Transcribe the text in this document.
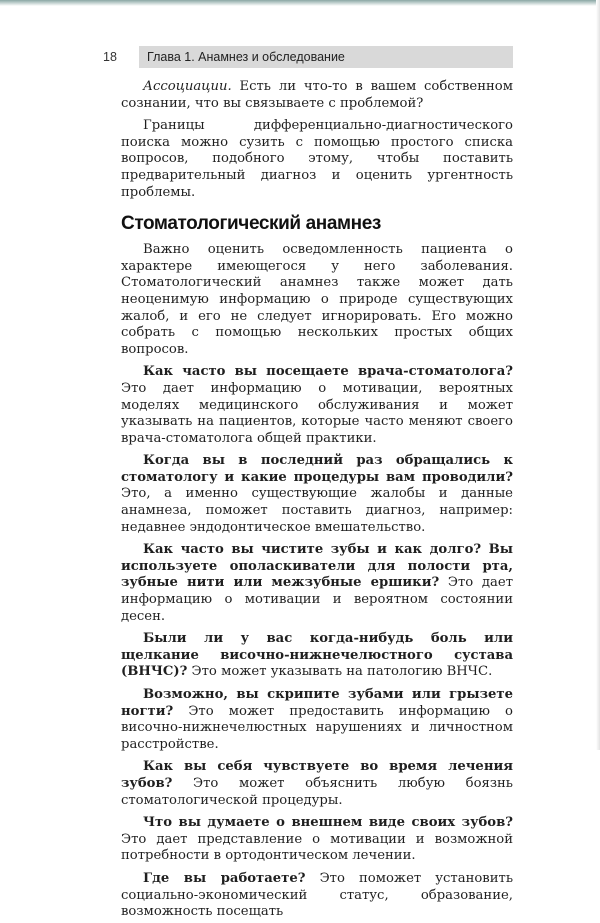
18	Глава 1. Анамнез и обследование

Ассоциации. Есть ли что-то в вашем собственном сознании, что вы связываете с проблемой?

Границы дифференциально-диагностического поиска можно сузить с помощью простого списка вопросов, подобного этому, чтобы поставить предварительный диагноз и оценить ургентность проблемы.

Стоматологический анамнез

Важно оценить осведомленность пациента о характере имеющегося у него заболевания. Стоматологический анамнез также может дать неоценимую информацию о природе существующих жалоб, и его не следует игнорировать. Его можно собрать с помощью нескольких простых общих вопросов.

Как часто вы посещаете врача-стоматолога? Это дает информацию о мотивации, вероятных моделях медицинского обслуживания и может указывать на пациентов, которые часто меняют своего врача-стоматолога общей практики.

Когда вы в последний раз обращались к стоматологу и какие процедуры вам проводили? Это, а именно существующие жалобы и данные анамнеза, поможет поставить диагноз, например: недавнее эндодонтическое вмешательство.

Как часто вы чистите зубы и как долго? Вы используете ополаскиватели для полости рта, зубные нити или межзубные ершики? Это дает информацию о мотивации и вероятном состоянии десен.

Были ли у вас когда-нибудь боль или щелкание височно-нижнечелюстного сустава (ВНЧС)? Это может указывать на патологию ВНЧС.

Возможно, вы скрипите зубами или грызете ногти? Это может предоставить информацию о височно-нижнечелюстных нарушениях и личностном расстройстве.

Как вы себя чувствуете во время лечения зубов? Это может объяснить любую боязнь стоматологической процедуры.

Что вы думаете о внешнем виде своих зубов? Это дает представление о мотивации и возможной потребности в ортодонтическом лечении.

Где вы работаете? Это поможет установить социально-экономический статус, образование, возможность посещать
